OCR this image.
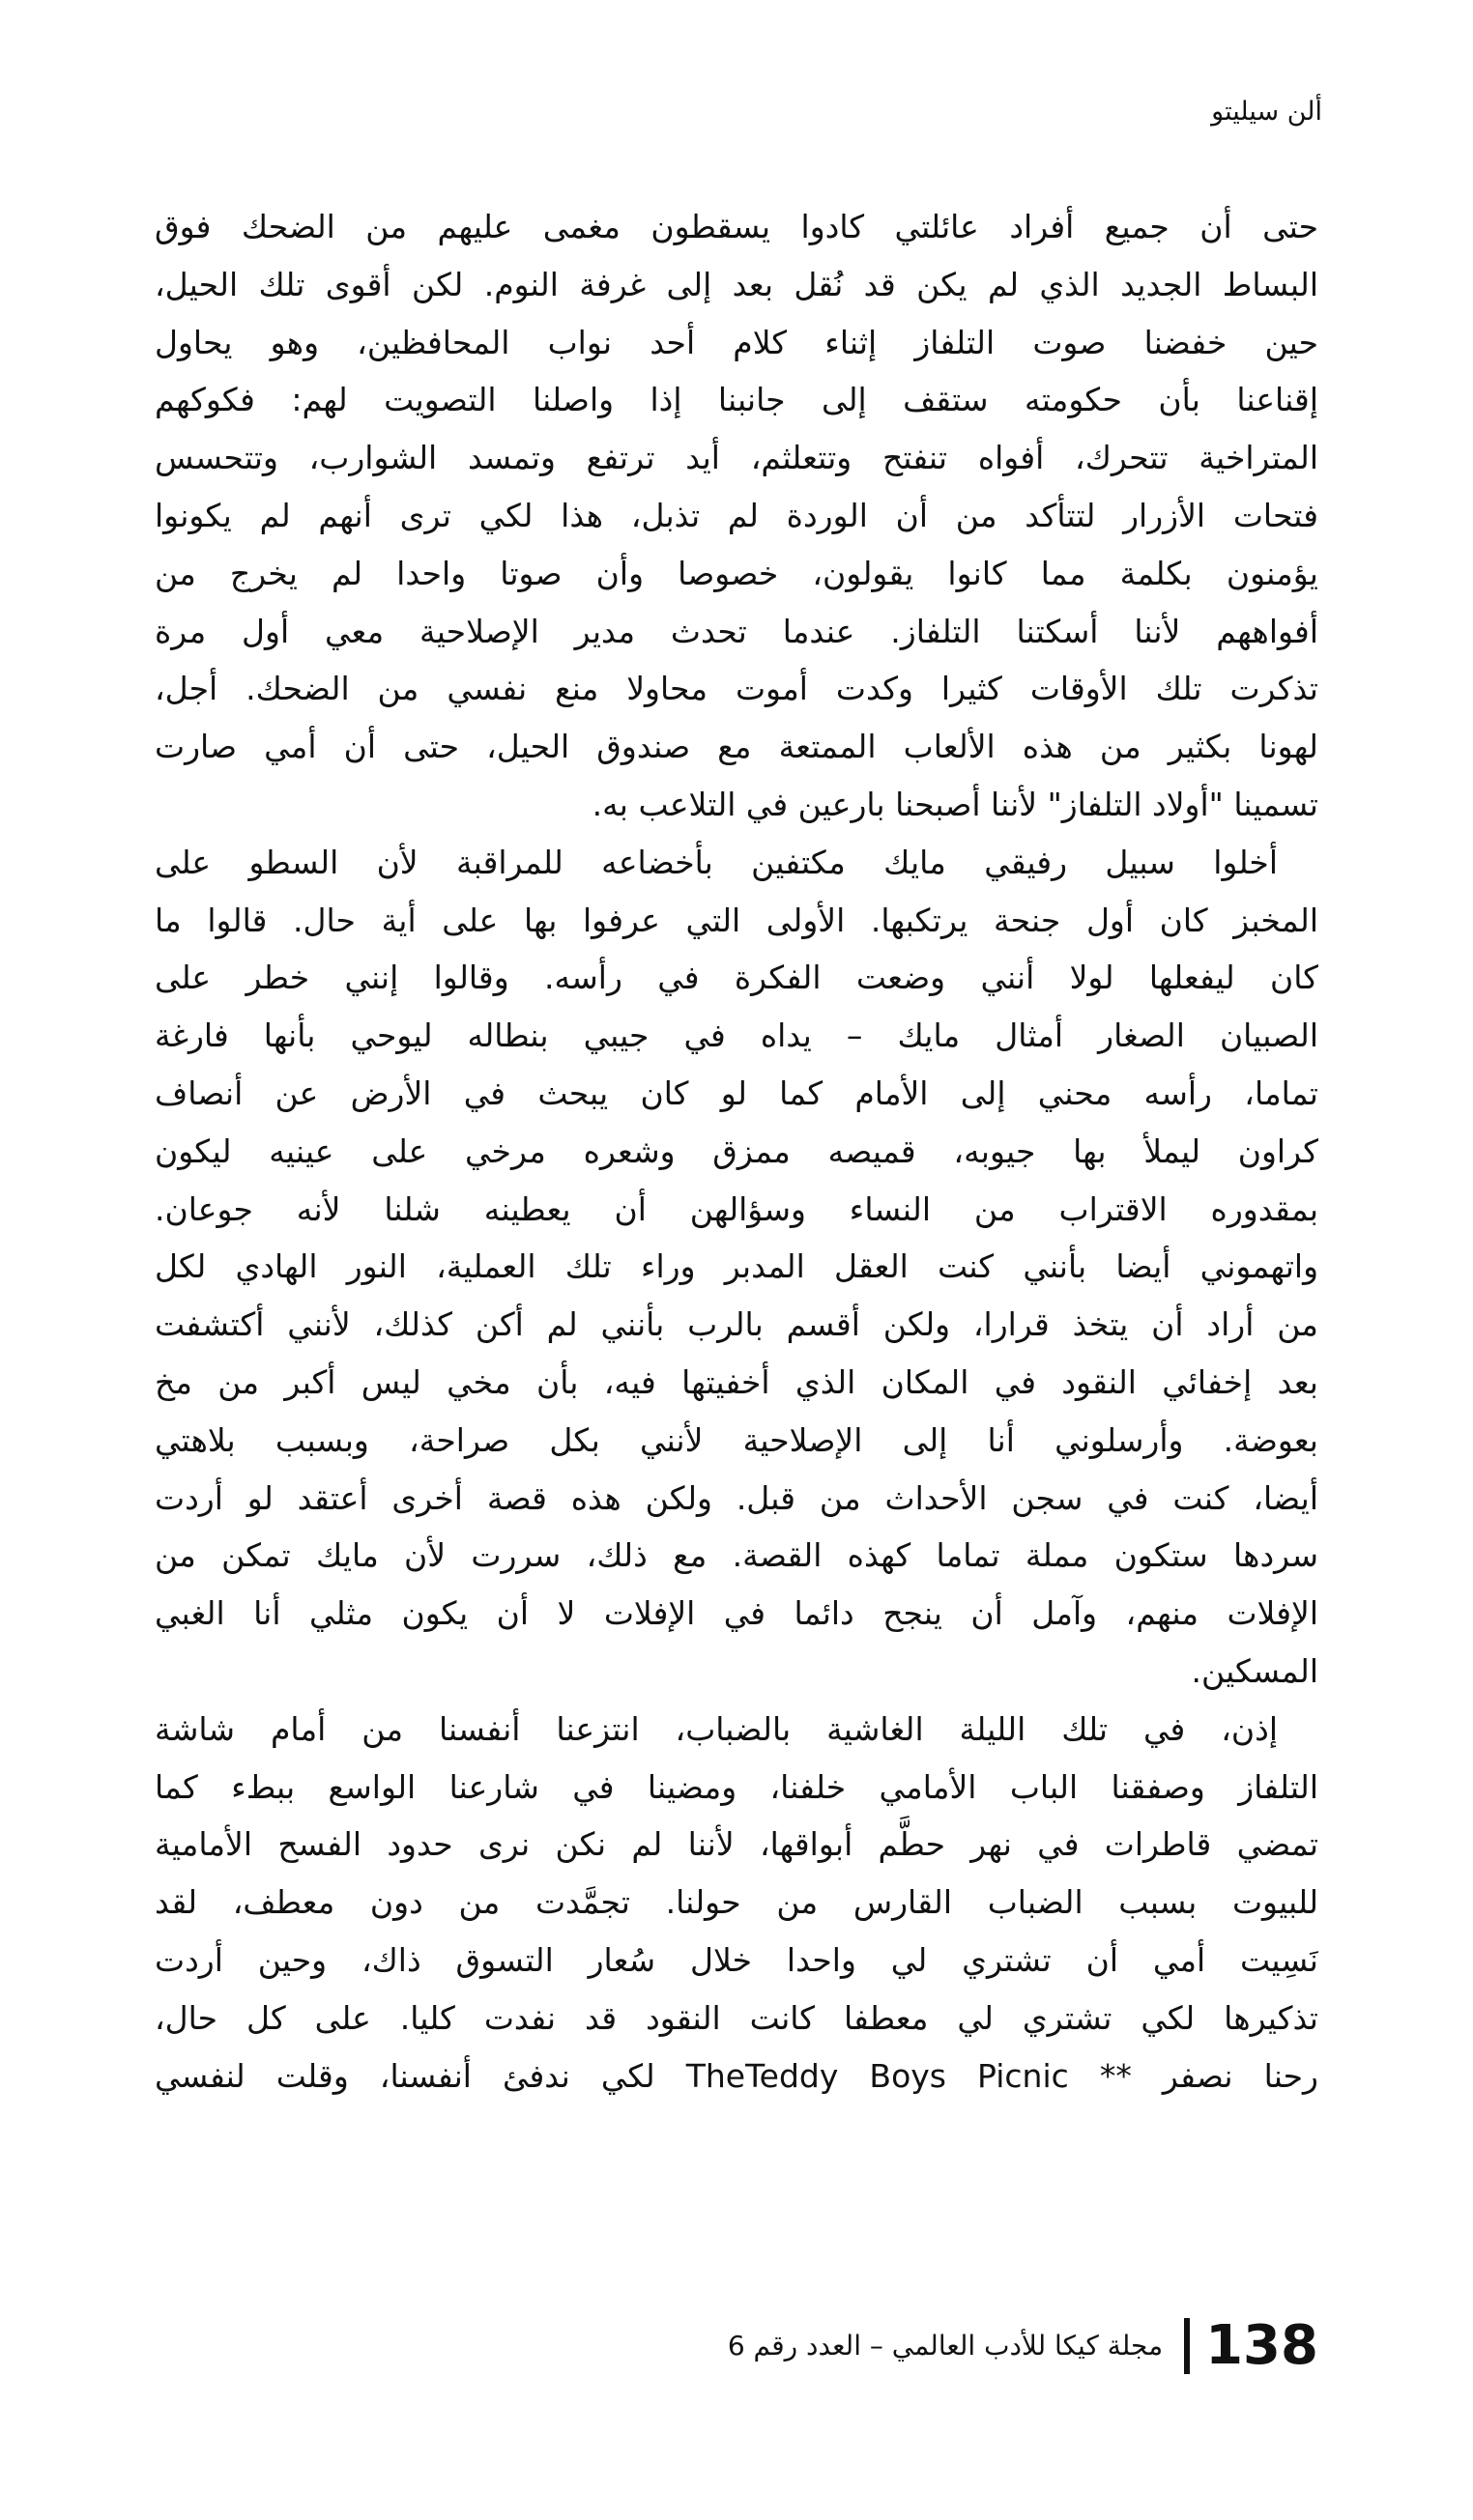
ألن سيليتو
حتى أن جميع أفراد عائلتي كادوا يسقطون مغمى عليهم من الضحك فوق
البساط الجديد الذي لم يكن قد نُقل بعد إلى غرفة النوم. لكن أقوى تلك الحيل،
حين خفضنا صوت التلفاز إثناء كلام أحد نواب المحافظين، وهو يحاول
إقناعنا بأن حكومته ستقف إلى جانبنا إذا واصلنا التصويت لهم: فكوكهم
المتراخية تتحرك، أفواه تنفتح وتتعلثم، أيد ترتفع وتمسد الشوارب، وتتحسس
فتحات الأزرار لتتأكد من أن الوردة لم تذبل، هذا لكي ترى أنهم لم يكونوا
يؤمنون بكلمة مما كانوا يقولون، خصوصا وأن صوتا واحدا لم يخرج من
أفواههم لأننا أسكتنا التلفاز. عندما تحدث مدير الإصلاحية معي أول مرة
تذكرت تلك الأوقات كثيرا وكدت أموت محاولا منع نفسي من الضحك. أجل،
لهونا بكثير من هذه الألعاب الممتعة مع صندوق الحيل، حتى أن أمي صارت
تسمينا "أولاد التلفاز" لأننا أصبحنا بارعين في التلاعب به.
أخلوا سبيل رفيقي مايك مكتفين بأخضاعه للمراقبة لأن السطو على
المخبز كان أول جنحة يرتكبها. الأولى التي عرفوا بها على أية حال. قالوا ما
كان ليفعلها لولا أنني وضعت الفكرة في رأسه. وقالوا إنني خطر على
الصبيان الصغار أمثال مايك – يداه في جيبي بنطاله ليوحي بأنها فارغة
تماما، رأسه محني إلى الأمام كما لو كان يبحث في الأرض عن أنصاف
كراون ليملأ بها جيوبه، قميصه ممزق وشعره مرخي على عينيه ليكون
بمقدوره الاقتراب من النساء وسؤالهن أن يعطينه شلنا لأنه جوعان.
واتهموني أيضا بأنني كنت العقل المدبر وراء تلك العملية، النور الهادي لكل
من أراد أن يتخذ قرارا، ولكن أقسم بالرب بأنني لم أكن كذلك، لأنني أكتشفت
بعد إخفائي النقود في المكان الذي أخفيتها فيه، بأن مخي ليس أكبر من مخ
بعوضة. وأرسلوني أنا إلى الإصلاحية لأنني بكل صراحة، وبسبب بلاهتي
أيضا، كنت في سجن الأحداث من قبل. ولكن هذه قصة أخرى أعتقد لو أردت
سردها ستكون مملة تماما كهذه القصة. مع ذلك، سررت لأن مايك تمكن من
الإفلات منهم، وآمل أن ينجح دائما في الإفلات لا أن يكون مثلي أنا الغبي
المسكين.
إذن، في تلك الليلة الغاشية بالضباب، انتزعنا أنفسنا من أمام شاشة
التلفاز وصفقنا الباب الأمامي خلفنا، ومضينا في شارعنا الواسع ببطء كما
تمضي قاطرات في نهر حطَّم أبواقها، لأننا لم نكن نرى حدود الفسح الأمامية
للبيوت بسبب الضباب القارس من حولنا. تجمَّدت من دون معطف، لقد
نَسِيت أمي أن تشتري لي واحدا خلال سُعار التسوق ذاك، وحين أردت
تذكيرها لكي تشتري لي معطفا كانت النقود قد نفدت كليا. على كل حال،
رحنا نصفر ** TheTeddy Boys Picnic لكي ندفئ أنفسنا، وقلت لنفسي
138
مجلة كيكا للأدب العالمي – العدد رقم 6
